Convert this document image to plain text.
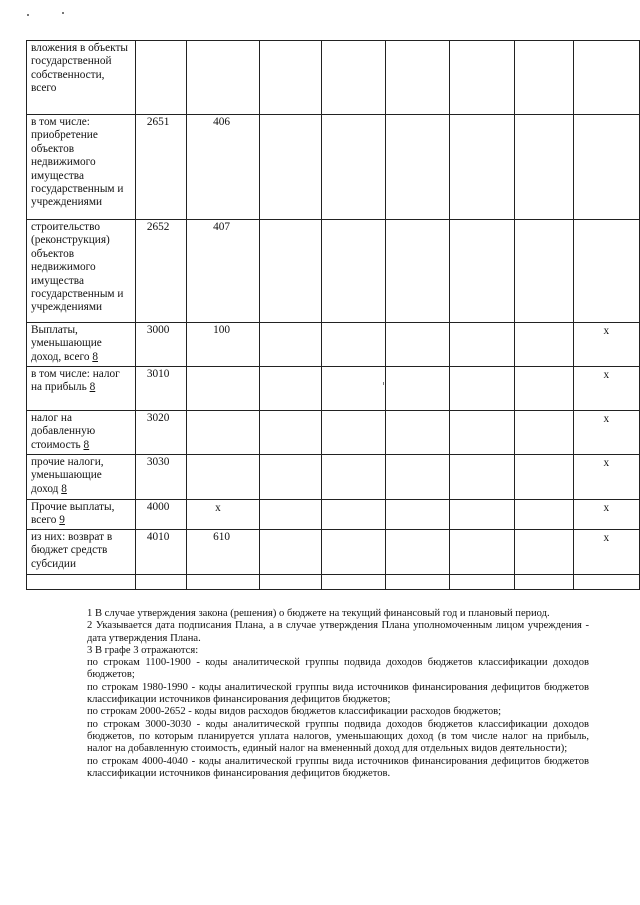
вложения в объекты государственной собственности, всего								
в том числе: приобретение объектов недвижимого имущества государственным и учреждениями	2651	406						
строительство (реконструкция) объектов недвижимого имущества государственным и учреждениями	2652	407						
Выплаты, уменьшающие доход, всего 8	3000	100						x
в том числе: налог на прибыль 8	3010							x
налог на добавленную стоимость 8	3020							x
прочие налоги, уменьшающие доход 8	3030							x
Прочие выплаты, всего 9	4000	x						x
из них: возврат в бюджет средств субсидии	4010	610						x

1 В случае утверждения закона (решения) о бюджете на текущий финансовый год и плановый период.

2 Указывается дата подписания Плана, а в случае утверждения Плана уполномоченным лицом учреждения - дата утверждения Плана.

3 В графе 3 отражаются:

по строкам 1100-1900 - коды аналитической группы подвида доходов бюджетов классификации доходов бюджетов;

по строкам 1980-1990 - коды аналитической группы вида источников финансирования дефицитов бюджетов классификации источников финансирования дефицитов бюджетов;

по строкам 2000-2652 - коды видов расходов бюджетов классификации расходов бюджетов;

по строкам 3000-3030 - коды аналитической группы подвида доходов бюджетов классификации доходов бюджетов, по которым планируется уплата налогов, уменьшающих доход (в том числе налог на прибыль, налог на добавленную стоимость, единый налог на вмененный доход для отдельных видов деятельности);

по строкам 4000-4040 - коды аналитической группы вида источников финансирования дефицитов бюджетов классификации источников финансирования дефицитов бюджетов.
